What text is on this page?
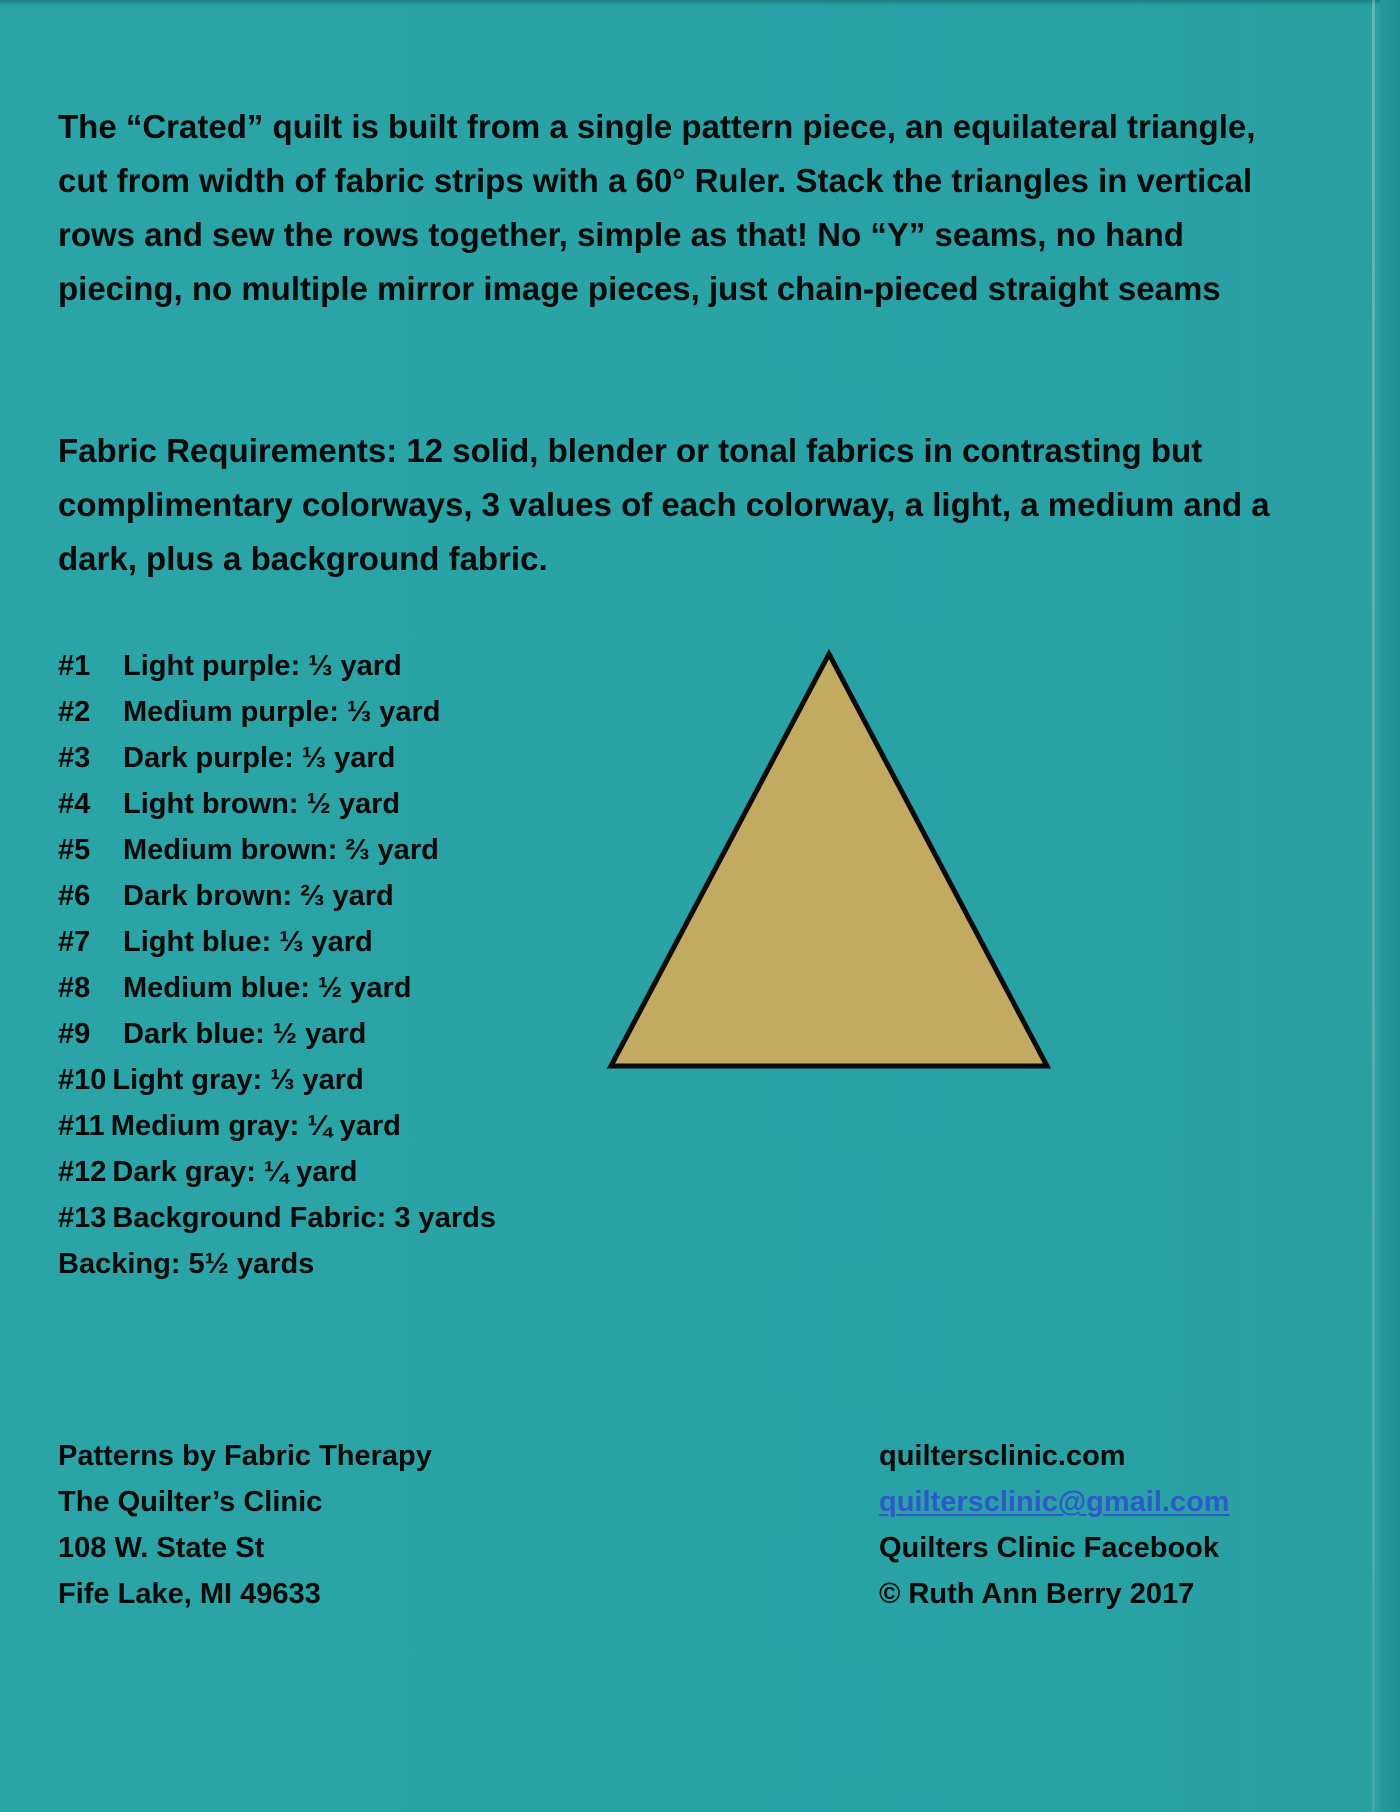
The “Crated” quilt is built from a single pattern piece, an equilateral triangle, cut from width of fabric strips with a 60° Ruler. Stack the triangles in vertical rows and sew the rows together, simple as that! No “Y” seams, no hand piecing, no multiple mirror image pieces, just chain-pieced straight seams

Fabric Requirements: 12 solid, blender or tonal fabrics in contrasting but complimentary colorways, 3 values of each colorway, a light, a medium and a dark, plus a background fabric.

#1 Light purple: ⅓ yard
#2 Medium purple: ⅓ yard
#3 Dark purple: ⅓ yard
#4 Light brown: ½ yard
#5 Medium brown: ⅔ yard
#6 Dark brown: ⅔ yard
#7 Light blue: ⅓ yard
#8 Medium blue: ½ yard
#9 Dark blue: ½ yard
#10 Light gray: ⅓ yard
#11 Medium gray: ¼ yard
#12 Dark gray: ¼ yard
#13 Background Fabric: 3 yards
Backing: 5½ yards
Patterns by Fabric Therapy
The Quilter’s Clinic
108 W. State St
Fife Lake, MI 49633
quiltersclinic.com
quiltersclinic@gmail.com
Quilters Clinic Facebook
© Ruth Ann Berry 2017
